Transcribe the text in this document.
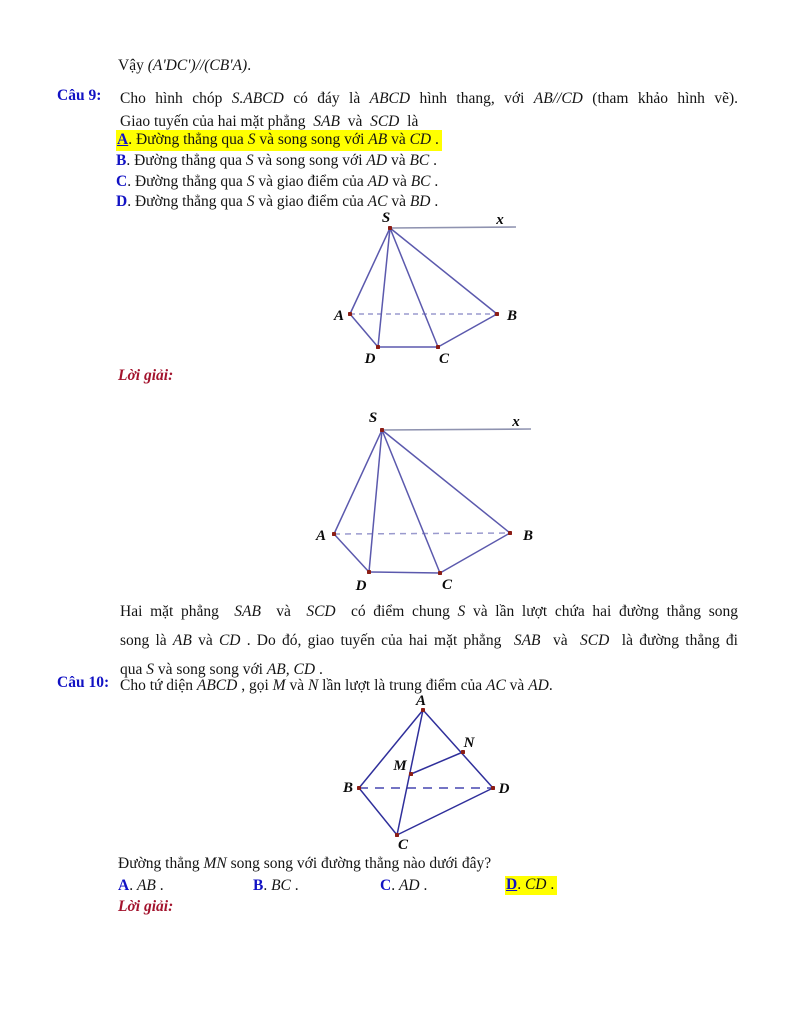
Vậy (A'DC')//(CB'A).
Câu 9: Cho hình chóp S.ABCD có đáy là ABCD hình thang, với AB//CD (tham khảo hình vẽ).
Giao tuyến của hai mặt phẳng  SAB  và  SCD  là
A. Đường thẳng qua S và song song với AB và CD .
B. Đường thẳng qua S và song song với AD và BC .
C. Đường thẳng qua S và giao điểm của AD và BC .
D. Đường thẳng qua S và giao điểm của AC và BD .
S	x
A	B
D	C
Lời giải:
S	x
A	B
D	C
Hai mặt phẳng  SAB  và  SCD  có điểm chung S và lần lượt chứa hai đường thẳng song
song là AB và CD . Do đó, giao tuyến của hai mặt phẳng  SAB  và  SCD  là đường thẳng đi
qua S và song song với AB, CD .
Câu 10: Cho tứ diện ABCD , gọi M và N lần lượt là trung điểm của AC và AD.
A
N
M
B	D
C
Đường thẳng MN song song với đường thẳng nào dưới đây?
A. AB .	B. BC .	C. AD .	D. CD .
Lời giải:
